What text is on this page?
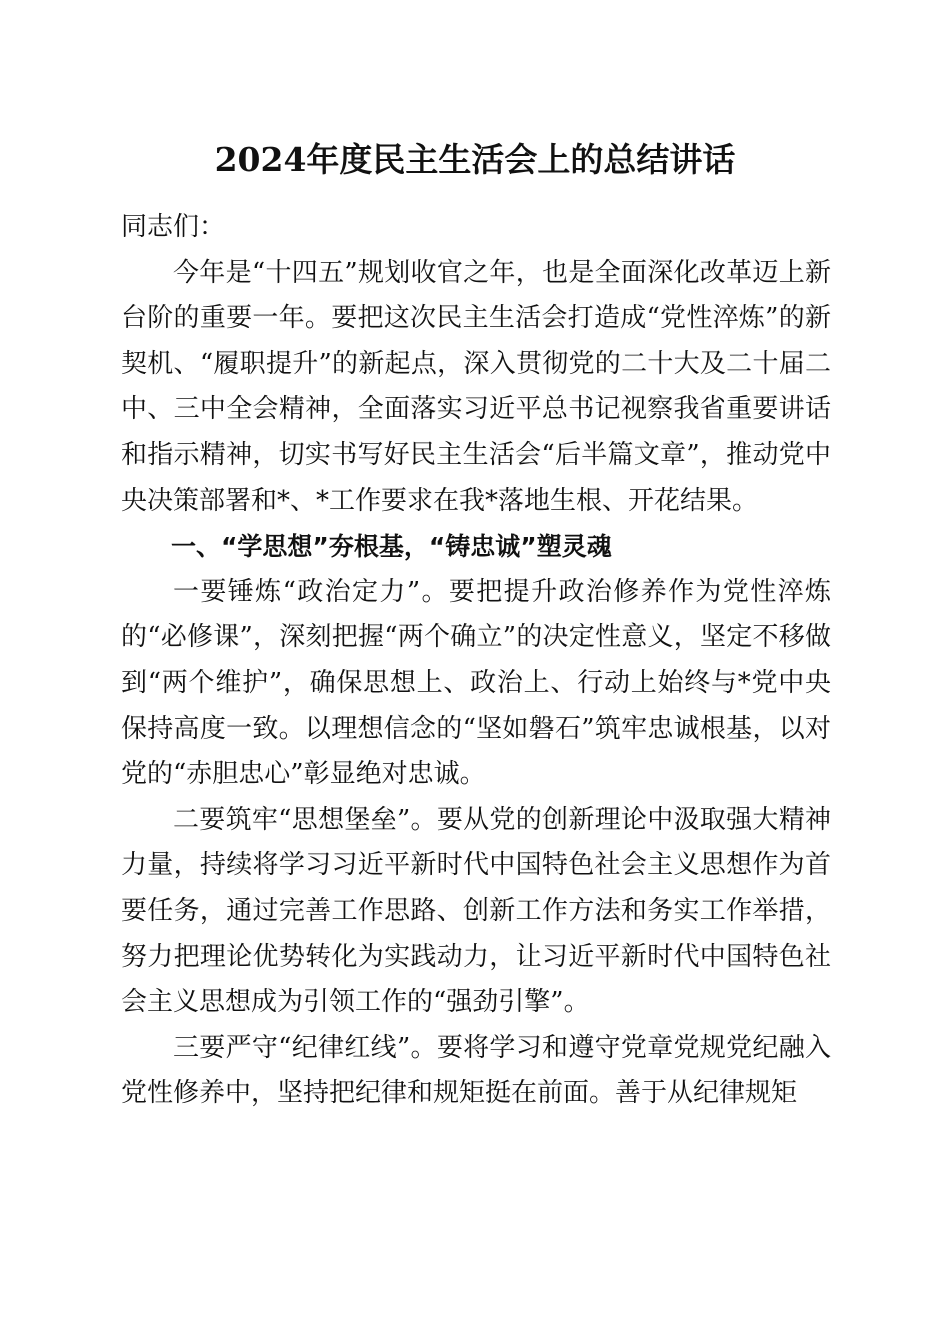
2024年度民主生活会上的总结讲话

同志们：

今年是“十四五”规划收官之年，也是全面深化改革迈上新台阶的重要一年。要把这次民主生活会打造成“党性淬炼”的新契机、“履职提升”的新起点，深入贯彻党的二十大及二十届二中、三中全会精神，全面落实习近平总书记视察我省重要讲话和指示精神，切实书写好民主生活会“后半篇文章”，推动党中央决策部署和*、*工作要求在我*落地生根、开花结果。

一、“学思想”夯根基，“铸忠诚”塑灵魂

一要锤炼“政治定力”。要把提升政治修养作为党性淬炼的“必修课”，深刻把握“两个确立”的决定性意义，坚定不移做到“两个维护”，确保思想上、政治上、行动上始终与*党中央保持高度一致。以理想信念的“坚如磐石”筑牢忠诚根基，以对党的“赤胆忠心”彰显绝对忠诚。

二要筑牢“思想堡垒”。要从党的创新理论中汲取强大精神力量，持续将学习习近平新时代中国特色社会主义思想作为首要任务，通过完善工作思路、创新工作方法和务实工作举措，努力把理论优势转化为实践动力，让习近平新时代中国特色社会主义思想成为引领工作的“强劲引擎”。

三要严守“纪律红线”。要将学习和遵守党章党规党纪融入党性修养中，坚持把纪律和规矩挺在前面。善于从纪律规矩
